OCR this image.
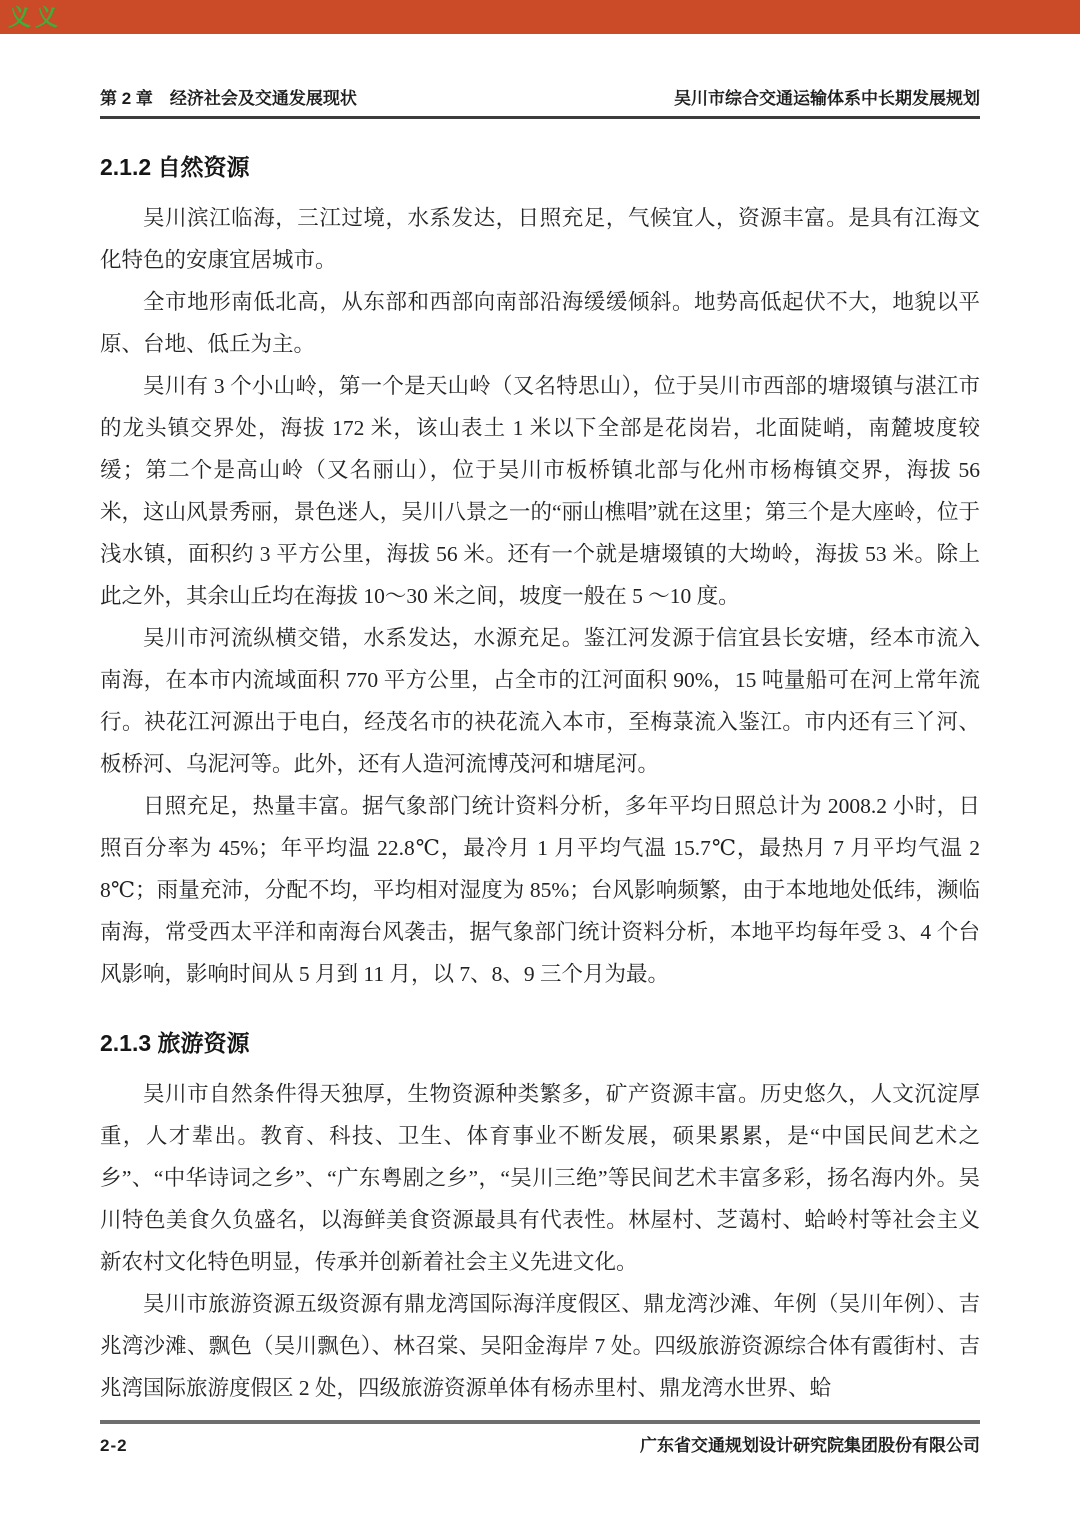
义义
第 2 章　经济社会及交通发展现状	吴川市综合交通运输体系中长期发展规划
2.1.2 自然资源

吴川滨江临海，三江过境，水系发达，日照充足，气候宜人，资源丰富。是具有江海文化特色的安康宜居城市。

全市地形南低北高，从东部和西部向南部沿海缓缓倾斜。地势高低起伏不大，地貌以平原、台地、低丘为主。

吴川有 3 个小山岭，第一个是天山岭（又名特思山），位于吴川市西部的塘㙍镇与湛江市的龙头镇交界处，海拔 172 米，该山表土 1 米以下全部是花岗岩，北面陡峭，南麓坡度较缓；第二个是高山岭（又名丽山），位于吴川市板桥镇北部与化州市杨梅镇交界，海拔 56 米，这山风景秀丽，景色迷人，吴川八景之一的“丽山樵唱”就在这里；第三个是大座岭，位于浅水镇，面积约 3 平方公里，海拔 56 米。还有一个就是塘㙍镇的大坳岭，海拔 53 米。除上此之外，其余山丘均在海拔 10～30 米之间，坡度一般在 5 ～10 度。

吴川市河流纵横交错，水系发达，水源充足。鉴江河发源于信宜县长安塘，经本市流入南海，在本市内流域面积 770 平方公里，占全市的江河面积 90%，15 吨量船可在河上常年流行。袂花江河源出于电白，经茂名市的袂花流入本市，至梅菉流入鉴江。市内还有三丫河、板桥河、乌泥河等。此外，还有人造河流博茂河和塘尾河。

日照充足，热量丰富。据气象部门统计资料分析，多年平均日照总计为 2008.2 小时，日照百分率为 45%；年平均温 22.8℃，最冷月 1 月平均气温 15.7℃，最热月 7 月平均气温 28℃；雨量充沛，分配不均，平均相对湿度为 85%；台风影响频繁，由于本地地处低纬，濒临南海，常受西太平洋和南海台风袭击，据气象部门统计资料分析，本地平均每年受 3、4 个台风影响，影响时间从 5 月到 11 月，以 7、8、9 三个月为最。

2.1.3 旅游资源

吴川市自然条件得天独厚，生物资源种类繁多，矿产资源丰富。历史悠久，人文沉淀厚重，人才辈出。教育、科技、卫生、体育事业不断发展，硕果累累，是“中国民间艺术之乡”、“中华诗词之乡”、“广东粤剧之乡”，“吴川三绝”等民间艺术丰富多彩，扬名海内外。吴川特色美食久负盛名，以海鲜美食资源最具有代表性。林屋村、芝蔼村、蛤岭村等社会主义新农村文化特色明显，传承并创新着社会主义先进文化。

吴川市旅游资源五级资源有鼎龙湾国际海洋度假区、鼎龙湾沙滩、年例（吴川年例）、吉兆湾沙滩、飘色（吴川飘色）、林召棠、吴阳金海岸 7 处。四级旅游资源综合体有霞街村、吉兆湾国际旅游度假区 2 处，四级旅游资源单体有杨赤里村、鼎龙湾水世界、蛤

2-2	广东省交通规划设计研究院集团股份有限公司
